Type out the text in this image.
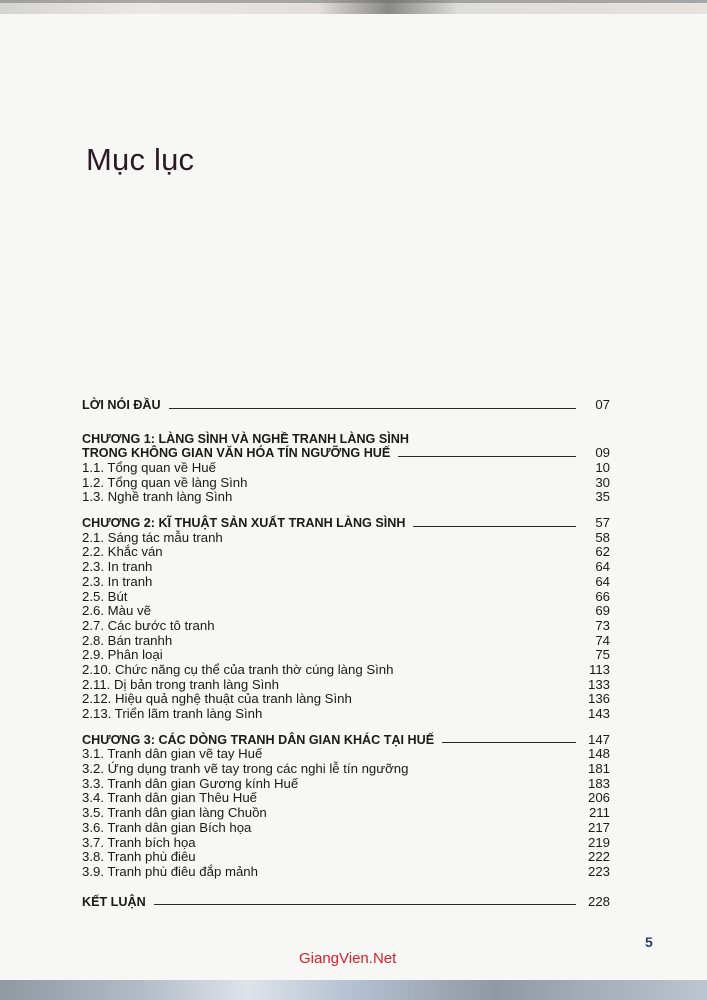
Mục lục
LỜI NÓI ĐẦU	07
CHƯƠNG 1: LÀNG SÌNH VÀ NGHỀ TRANH LÀNG SÌNH
TRONG KHÔNG GIAN VĂN HÓA TÍN NGƯỠNG HUẾ	09
1.1. Tổng quan về Huế	10
1.2. Tổng quan về làng Sình	30
1.3. Nghề tranh làng Sình	35
CHƯƠNG 2: KĨ THUẬT SẢN XUẤT TRANH LÀNG SÌNH	57
2.1. Sáng tác mẫu tranh	58
2.2. Khắc ván	62
2.3. In tranh	64
2.3. In tranh	64
2.5. Bút	66
2.6. Màu vẽ	69
2.7. Các bước tô tranh	73
2.8. Bán tranhh	74
2.9. Phân loại	75
2.10. Chức năng cụ thể của tranh thờ cúng làng Sình	113
2.11. Dị bản trong tranh làng Sình	133
2.12. Hiệu quả nghệ thuật của tranh làng Sình	136
2.13. Triển lãm tranh làng Sình	143
CHƯƠNG 3: CÁC DÒNG TRANH DÂN GIAN KHÁC TẠI HUẾ	147
3.1. Tranh dân gian vẽ tay Huế	148
3.2. Ứng dụng tranh vẽ tay trong các nghi lễ tín ngưỡng	181
3.3. Tranh dân gian Gương kính Huế	183
3.4. Tranh dân gian Thêu Huế	206
3.5. Tranh dân gian làng Chuồn	211
3.6. Tranh dân gian Bích họa	217
3.7. Tranh bích họa	219
3.8. Tranh phù điêu	222
3.9. Tranh phù điêu đắp mảnh	223
KẾT LUẬN	228
5
GiangVien.Net
